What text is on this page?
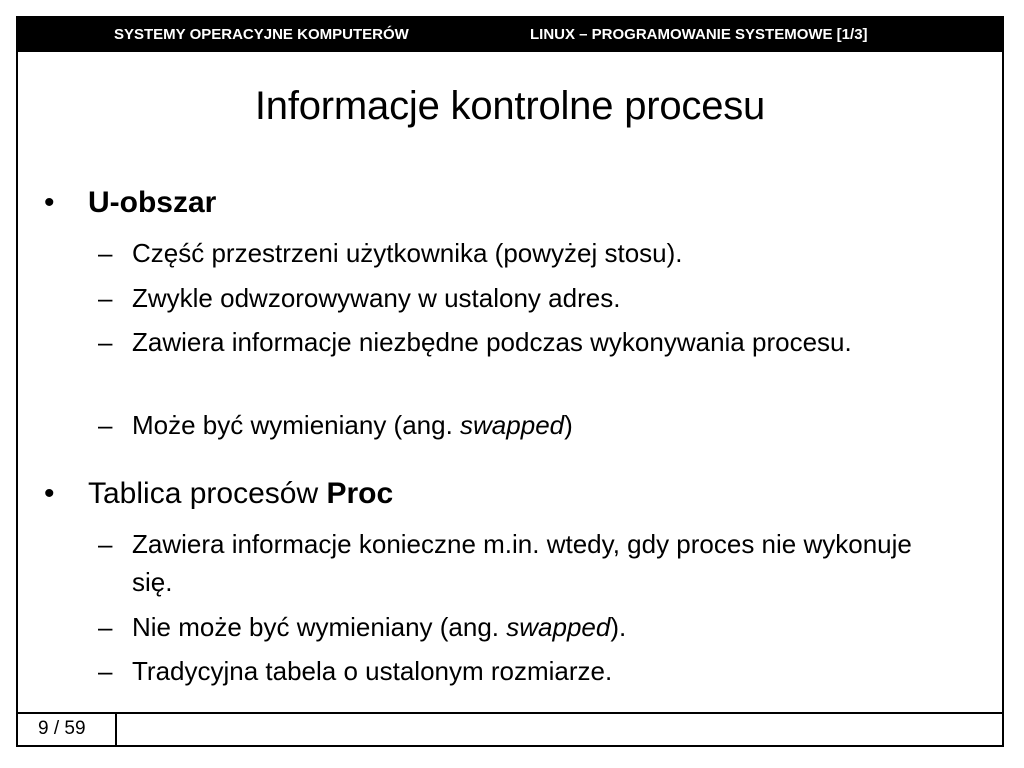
SYSTEMY OPERACYJNE KOMPUTERÓW	LINUX – PROGRAMOWANIE SYSTEMOWE [1/3]
Informacje kontrolne procesu
• U-obszar
– Część przestrzeni użytkownika (powyżej stosu).
– Zwykle odwzorowywany w ustalony adres.
– Zawiera informacje niezbędne podczas wykonywania procesu.
– Może być wymieniany (ang. swapped)
• Tablica procesów Proc
– Zawiera informacje konieczne m.in. wtedy, gdy proces nie wykonuje się.
– Nie może być wymieniany (ang. swapped).
– Tradycyjna tabela o ustalonym rozmiarze.
9 / 59
